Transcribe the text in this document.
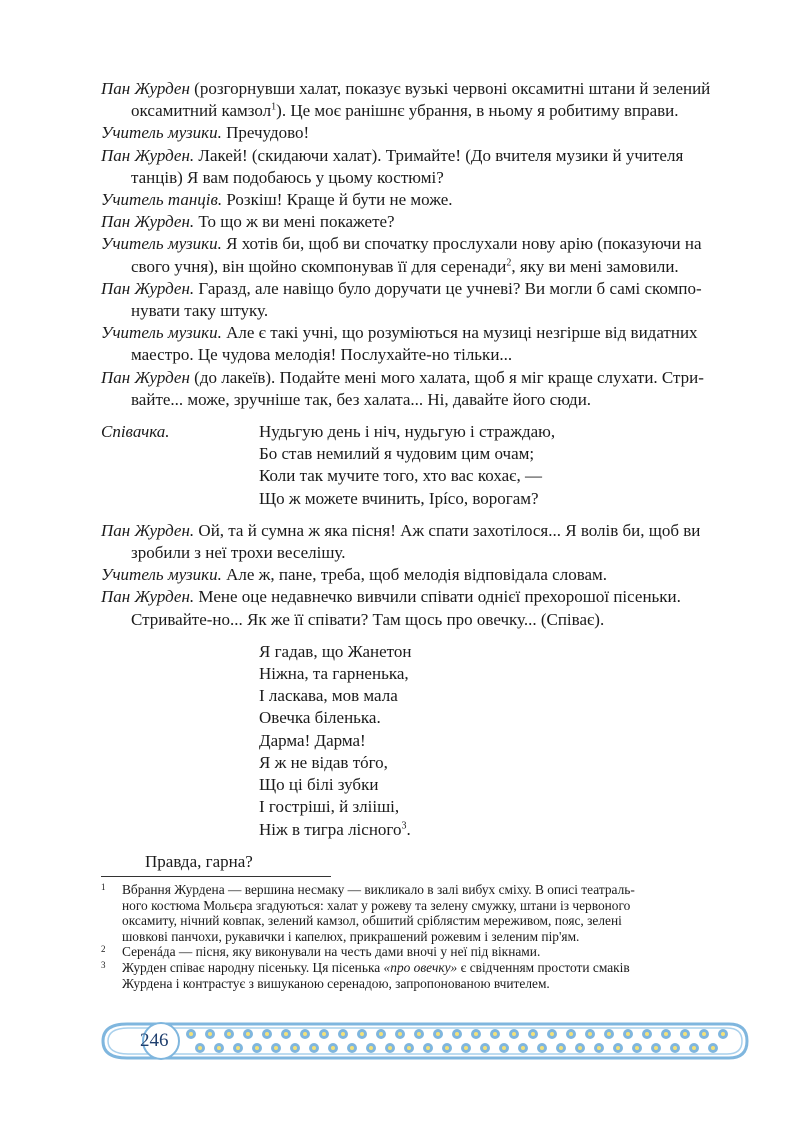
Пан Журден (розгорнувши халат, показує вузькі червоні оксамитні штани й зелений
оксамитний камзол$^1$). Це моє ранішнє убрання, в ньому я робитиму вправи.

Учитель музики. Пречудово!

Пан Журден. Лакей! (скидаючи халат). Тримайте! (До вчителя музики й учителя
танців) Я вам подобаюсь у цьому костюмі?

Учитель танців. Розкіш! Краще й бути не може.

Пан Журден. То що ж ви мені покажете?

Учитель музики. Я хотів би, щоб ви спочатку прослухали нову арію (показуючи на
свого учня), він щойно скомпонував її для серенади$^2$, яку ви мені замовили.

Пан Журден. Гаразд, але навіщо було доручати це учневі? Ви могли б самі скомпо-
нувати таку штуку.

Учитель музики. Але є такі учні, що розуміються на музиці незгірше від видатних
маестро. Це чудова мелодія! Послухайте-но тільки...

Пан Журден (до лакеїв). Подайте мені мого халата, щоб я міг краще слухати. Стри-
вайте... може, зручніше так, без халата... Ні, давайте його сюди.

Співачка.	Нудьгую день і ніч, нудьгую і страждаю,
Бо став немилий я чудовим цим очам;
Коли так мучите того, хто вас кохає, —
Що ж можете вчинить, Ірíсо, ворогам?

Пан Журден. Ой, та й сумна ж яка пісня! Аж спати захотілося... Я волів би, щоб ви
зробили з неї трохи веселішу.

Учитель музики. Але ж, пане, треба, щоб мелодія відповідала словам.

Пан Журден. Мене оце недавнечко вивчили співати однієї прехорошої пісеньки.
Стривайте-но... Як же її співати? Там щось про овечку... (Співає).

Я гадав, що Жанетон
Ніжна, та гарненька,
І ласкава, мов мала
Овечка біленька.
Дарма! Дарма!
Я ж не відав тóго,
Що ці білі зубки
І гостріші, й злііші,
Ніж в тигра лісного$^3$.
Правда, гарна?
1 Вбрання Журдена — вершина несмаку — викликало в залі вибух сміху. В описі театраль-
ного костюма Мольєра згадуються: халат у рожеву та зелену смужку, штани із червоного
оксамиту, нічний ковпак, зелений камзол, обшитий сріблястим мереживом, пояс, зелені
шовкові панчохи, рукавички і капелюх, прикрашений рожевим і зеленим пір'ям.
2 Серенáда — пісня, яку виконували на честь дами вночі у неї під вікнами.
3 Журден співає народну пісеньку. Ця пісенька «про овечку» є свідченням простоти смаків
Журдена і контрастує з вишуканою серенадою, запропонованою вчителем.
246
